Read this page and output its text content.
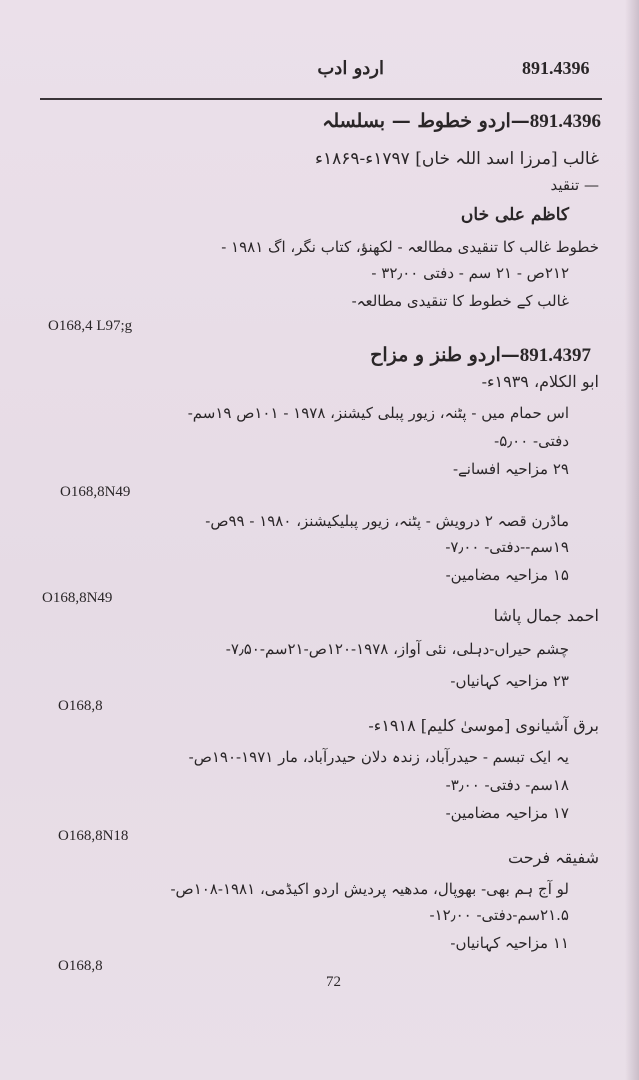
891.4396
اردو ادب
891.4396—اردو خطوط — بسلسلہ
غالب [مرزا اسد اللہ خاں] ۱۷۹۷ء-۱۸۶۹ء
— تنقید
کاظم علی خاں
خطوط غالب کا تنقیدی مطالعہ - لکھنؤ، کتاب نگر، اگ ۱۹۸۱ -
۲۱۲ص - ۲۱ سم - دفتی ۳۲٫۰۰ -
غالب کے خطوط کا تنقیدی مطالعہ-
O168,4 L97;g
891.4397—اردو طنز و مزاح
ابو الکلام، ۱۹۳۹ء-
اس حمام میں - پٹنہ، زیور پبلی کیشنز، ۱۹۷۸ - ۱۰۱ص ۱۹سم-
دفتی- ۵٫۰۰-
۲۹ مزاحیہ افسانے-
O168,8N49
ماڈرن قصہ ۲ درویش - پٹنہ، زیور پبلیکیشنز، ۱۹۸۰ - ۹۹ص-
۱۹سم--دفتی- ۷٫۰۰-
۱۵ مزاحیہ مضامین-
O168,8N49
احمد جمال پاشا
چشم حیراں-دہلی، نئی آواز، ۱۹۷۸-۱۲۰ص-۲۱سم-۷٫۵۰-
۲۳ مزاحیہ کہانیاں-
O168,8
برق آشیانوی [موسیٰ کلیم] ۱۹۱۸ء-
یہ ایک تبسم - حیدرآباد، زندہ دلان حیدرآباد، مار ۱۹۷۱-۱۹۰ص-
۱۸سم- دفتی- ۳٫۰۰-
۱۷ مزاحیہ مضامین-
O168,8N18
شفیقہ فرحت
لو آج ہم بھی- بھوپال، مدھیہ پردیش اردو اکیڈمی، ۱۹۸۱-۱۰۸ص-
۲۱.۵سم-دفتی- ۱۲٫۰۰-
۱۱ مزاحیہ کہانیاں-
O168,8
72
